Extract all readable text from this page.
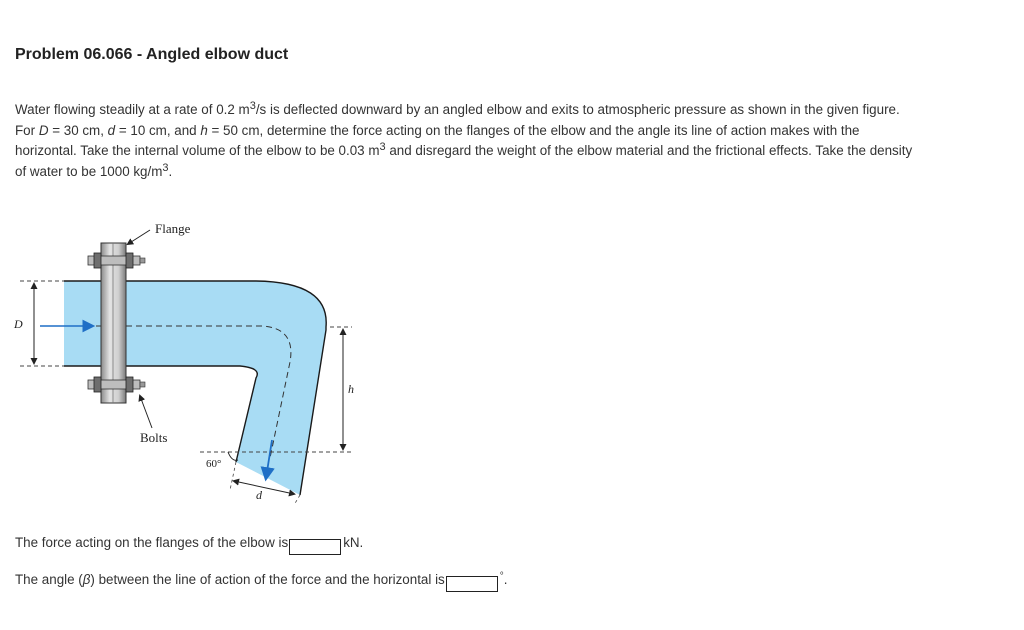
Problem 06.066 - Angled elbow duct

Water flowing steadily at a rate of 0.2 $m^3/s$ is deflected downward by an angled elbow and exits to atmospheric pressure as shown in the given figure. For D = 30 cm, d = 10 cm, and h = 50 cm, determine the force acting on the flanges of the elbow and the angle its line of action makes with the horizontal. Take the internal volume of the elbow to be 0.03 $m^3$ and disregard the weight of the elbow material and the frictional effects. Take the density of water to be 1000 $kg/m^3$.

D
Flange
Bolts
h
60°
d
The force acting on the flanges of the elbow is	kN.
The angle (β) between the line of action of the force and the horizontal is	°.
